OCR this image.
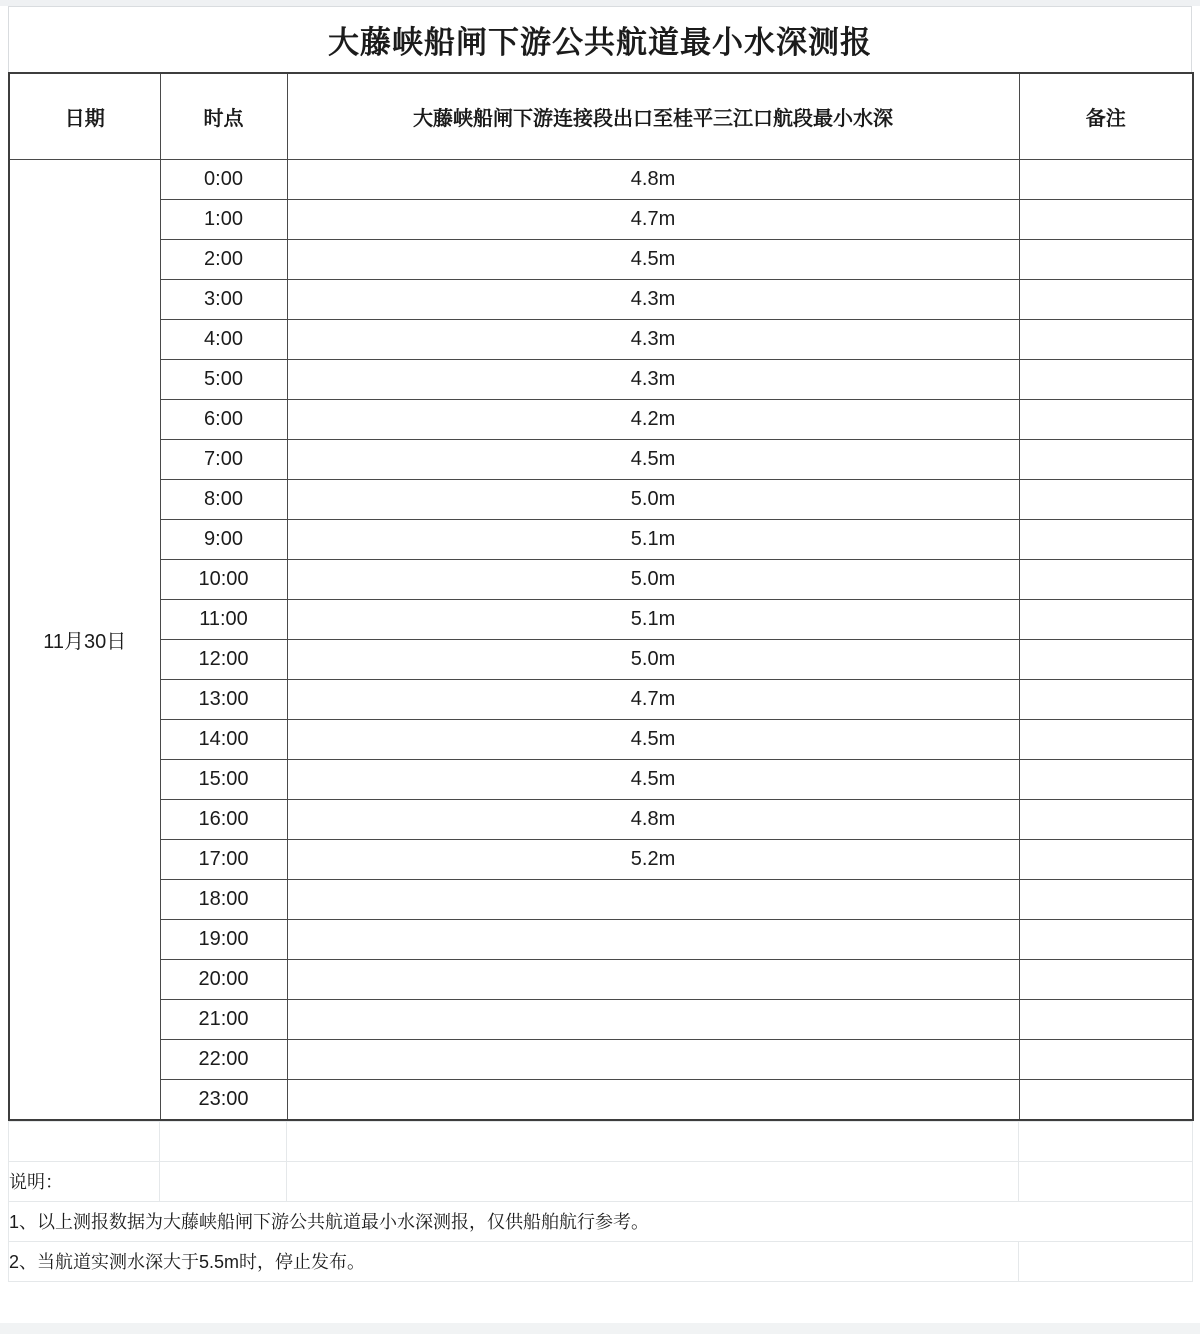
大藤峡船闸下游公共航道最小水深测报
日期	时点	大藤峡船闸下游连接段出口至桂平三江口航段最小水深	备注
11月30日	0:00	4.8m	
	1:00	4.7m	
	2:00	4.5m	
	3:00	4.3m	
	4:00	4.3m	
	5:00	4.3m	
	6:00	4.2m	
	7:00	4.5m	
	8:00	5.0m	
	9:00	5.1m	
	10:00	5.0m	
	11:00	5.1m	
	12:00	5.0m	
	13:00	4.7m	
	14:00	4.5m	
	15:00	4.5m	
	16:00	4.8m	
	17:00	5.2m	
	18:00		
	19:00		
	20:00		
	21:00		
	22:00		
	23:00		

说明：			
1、以上测报数据为大藤峡船闸下游公共航道最小水深测报，仅供船舶航行参考。			
2、当航道实测水深大于5.5m时，停止发布。			
